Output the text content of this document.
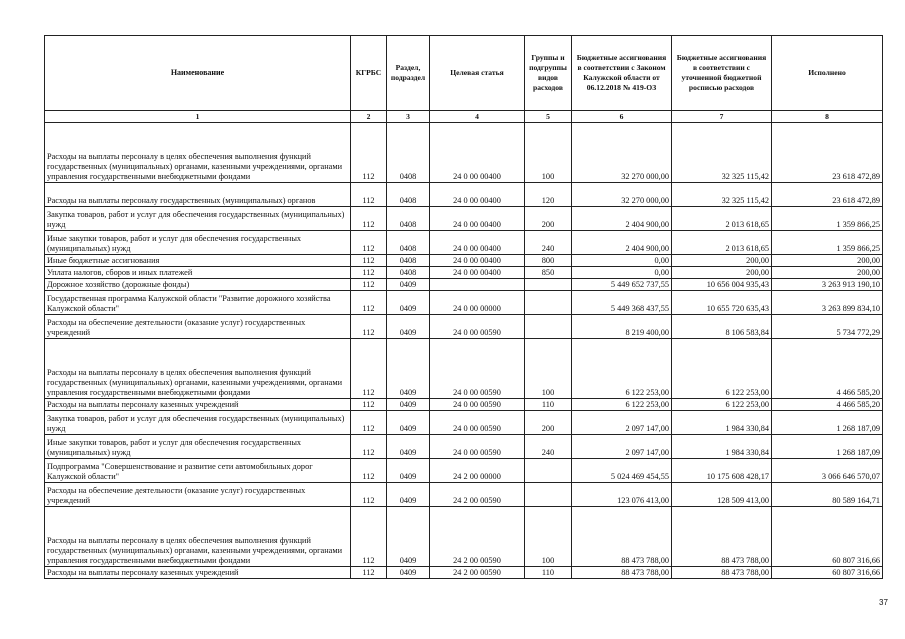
Наименование	КГРБС	Раздел, подраздел	Целевая статья	Группы и подгруппы видов расходов	Бюджетные ассигнования в соответствии с Законом Калужской области от 06.12.2018 № 419-ОЗ	Бюджетные ассигнования в соответствии с уточненной бюджетной росписью расходов	Исполнено
1	2	3	4	5	6	7	8
Расходы на выплаты персоналу в целях обеспечения выполнения функций государственных (муниципальных) органами, казенными учреждениями, органами управления государственными внебюджетными фондами	112	0408	24 0 00 00400	100	32 270 000,00	32 325 115,42	23 618 472,89
Расходы на выплаты персоналу государственных (муниципальных) органов	112	0408	24 0 00 00400	120	32 270 000,00	32 325 115,42	23 618 472,89
Закупка товаров, работ и услуг для обеспечения государственных (муниципальных) нужд	112	0408	24 0 00 00400	200	2 404 900,00	2 013 618,65	1 359 866,25
Иные закупки товаров, работ и услуг для обеспечения государственных (муниципальных) нужд	112	0408	24 0 00 00400	240	2 404 900,00	2 013 618,65	1 359 866,25
Иные бюджетные ассигнования	112	0408	24 0 00 00400	800	0,00	200,00	200,00
Уплата налогов, сборов и иных платежей	112	0408	24 0 00 00400	850	0,00	200,00	200,00
Дорожное хозяйство (дорожные фонды)	112	0409			5 449 652 737,55	10 656 004 935,43	3 263 913 190,10
Государственная программа Калужской области "Развитие дорожного хозяйства Калужской области"	112	0409	24 0 00 00000		5 449 368 437,55	10 655 720 635,43	3 263 899 834,10
Расходы на обеспечение деятельности (оказание услуг) государственных учреждений	112	0409	24 0 00 00590		8 219 400,00	8 106 583,84	5 734 772,29
Расходы на выплаты персоналу в целях обеспечения выполнения функций государственных (муниципальных) органами, казенными учреждениями, органами управления государственными внебюджетными фондами	112	0409	24 0 00 00590	100	6 122 253,00	6 122 253,00	4 466 585,20
Расходы на выплаты персоналу казенных учреждений	112	0409	24 0 00 00590	110	6 122 253,00	6 122 253,00	4 466 585,20
Закупка товаров, работ и услуг для обеспечения государственных (муниципальных) нужд	112	0409	24 0 00 00590	200	2 097 147,00	1 984 330,84	1 268 187,09
Иные закупки товаров, работ и услуг для обеспечения государственных (муниципальных) нужд	112	0409	24 0 00 00590	240	2 097 147,00	1 984 330,84	1 268 187,09
Подпрограмма "Совершенствование и развитие сети автомобильных дорог Калужской области"	112	0409	24 2 00 00000		5 024 469 454,55	10 175 608 428,17	3 066 646 570,07
Расходы на обеспечение деятельности (оказание услуг) государственных учреждений	112	0409	24 2 00 00590		123 076 413,00	128 509 413,00	80 589 164,71
Расходы на выплаты персоналу в целях обеспечения выполнения функций государственных (муниципальных) органами, казенными учреждениями, органами управления государственными внебюджетными фондами	112	0409	24 2 00 00590	100	88 473 788,00	88 473 788,00	60 807 316,66
Расходы на выплаты персоналу казенных учреждений	112	0409	24 2 00 00590	110	88 473 788,00	88 473 788,00	60 807 316,66
37
